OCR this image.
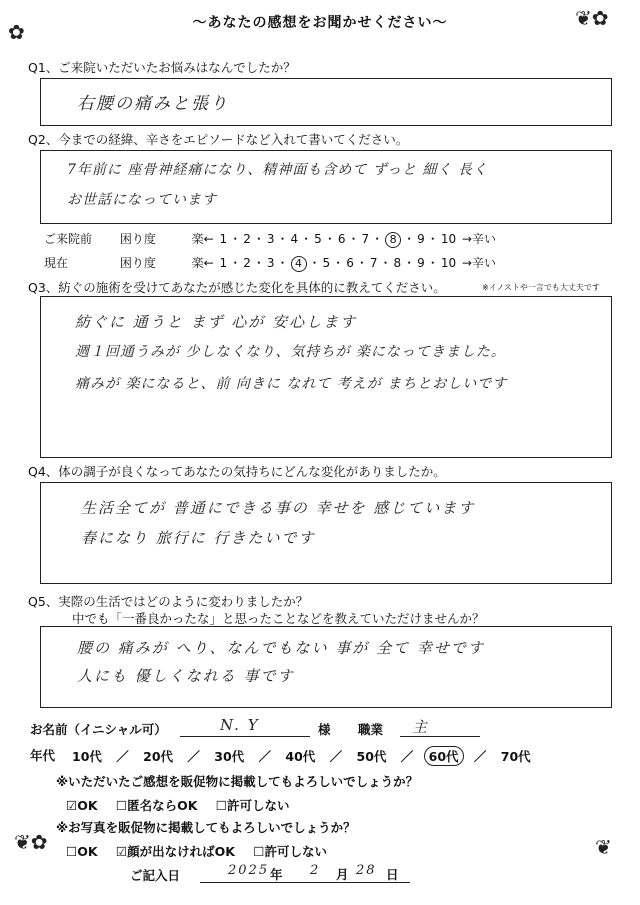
❦✿
✿
❦✿	❦
〜あなたの感想をお聞かせください〜
Q1、ご来院いただいたお悩みはなんでしたか？
右腰の痛みと張り
Q2、今までの経緯、辛さをエピソードなど入れて書いてください。
7年前に 座骨神経痛になり、精神面も含めて ずっと 細く 長く
お世話になっています
ご来院前 困り度	楽← 1 ・ 2 ・ 3 ・ 4 ・ 5 ・ 6 ・ 7 ・ 8 ・ 9 ・ 10 →辛い
現在	困り度	楽← 1 ・ 2 ・ 3 ・ 4 ・ 5 ・ 6 ・ 7 ・ 8 ・ 9 ・ 10 →辛い
Q3、紡ぐの施術を受けてあなたが感じた変化を具体的に教えてください。	※イノストや一言でも大丈夫です
紡ぐに 通うと まず 心が 安心します
週１回通うみが 少しなくなり、気持ちが 楽になってきました。
痛みが 楽になると、前 向きに なれて 考えが まちとおしいです
Q4、体の調子が良くなってあなたの気持ちにどんな変化がありましたか。
生活全てが 普通にできる事の 幸せを 感じています
春になり 旅行に 行きたいです
Q5、実際の生活ではどのように変わりましたか？
中でも「一番良かったな」と思ったことなどを教えていただけませんか？
腰の 痛みが へり、なんでもない 事が 全て 幸せです
人にも 優しくなれる 事です
お名前（イニシャル可）	N. Y	様 職業 主
年代	10代 ／ 20代 ／ 30代 ／ 40代 ／ 50代 ／ 60代 ／ 70代
※いただいたご感想を販促物に掲載してもよろしいでしょうか？
☑OK ☐匿名ならOK ☐許可しない
※お写真を販促物に掲載してもよろしいでしょうか？
☐OK ☑顔が出なければOK ☐許可しない
ご記入日	2025 年 2 月 28 日
